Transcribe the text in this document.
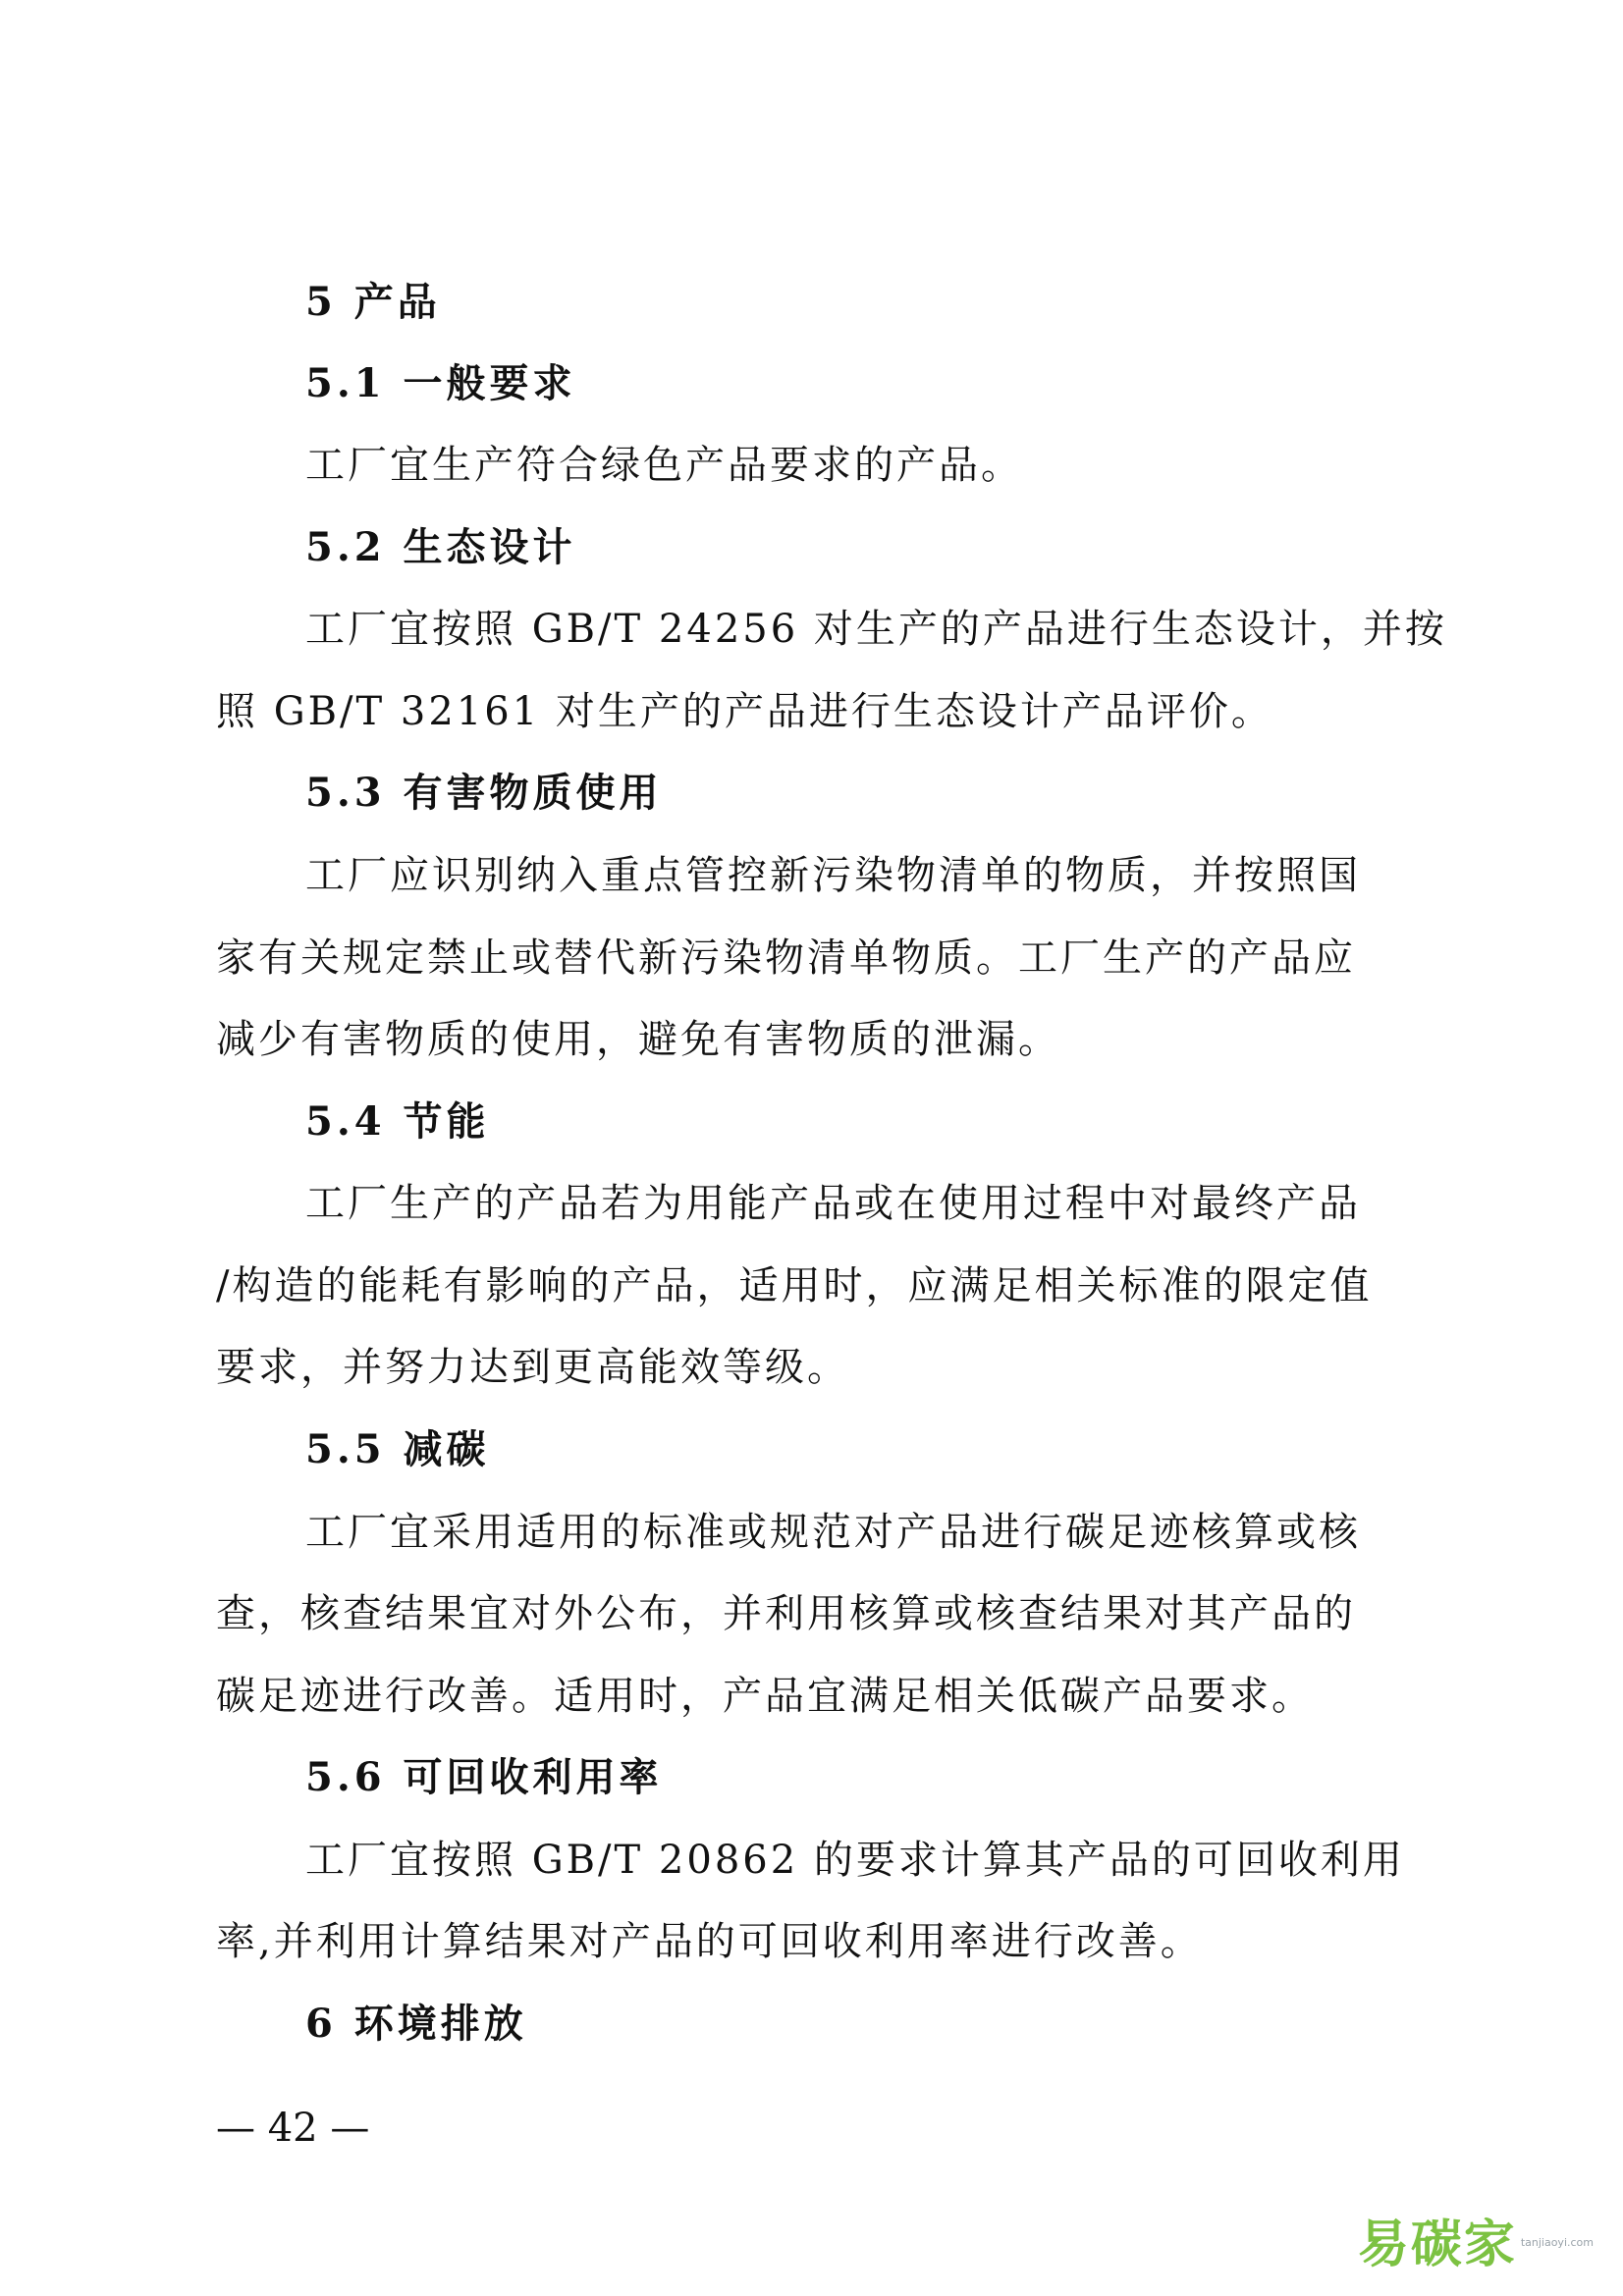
5 产品
5.1 一般要求
工厂宜生产符合绿色产品要求的产品。
5.2 生态设计
工厂宜按照 GB/T 24256 对生产的产品进行生态设计，并按
照 GB/T 32161 对生产的产品进行生态设计产品评价。
5.3 有害物质使用
工厂应识别纳入重点管控新污染物清单的物质，并按照国
家有关规定禁止或替代新污染物清单物质。工厂生产的产品应
减少有害物质的使用，避免有害物质的泄漏。
5.4 节能
工厂生产的产品若为用能产品或在使用过程中对最终产品
/构造的能耗有影响的产品，适用时，应满足相关标准的限定值
要求，并努力达到更高能效等级。
5.5 减碳
工厂宜采用适用的标准或规范对产品进行碳足迹核算或核
查，核查结果宜对外公布，并利用核算或核查结果对其产品的
碳足迹进行改善。适用时，产品宜满足相关低碳产品要求。
5.6 可回收利用率
工厂宜按照 GB/T 20862 的要求计算其产品的可回收利用
率,并利用计算结果对产品的可回收利用率进行改善。
6 环境排放
— 42 —
易碳家 tanjiaoyi.com
